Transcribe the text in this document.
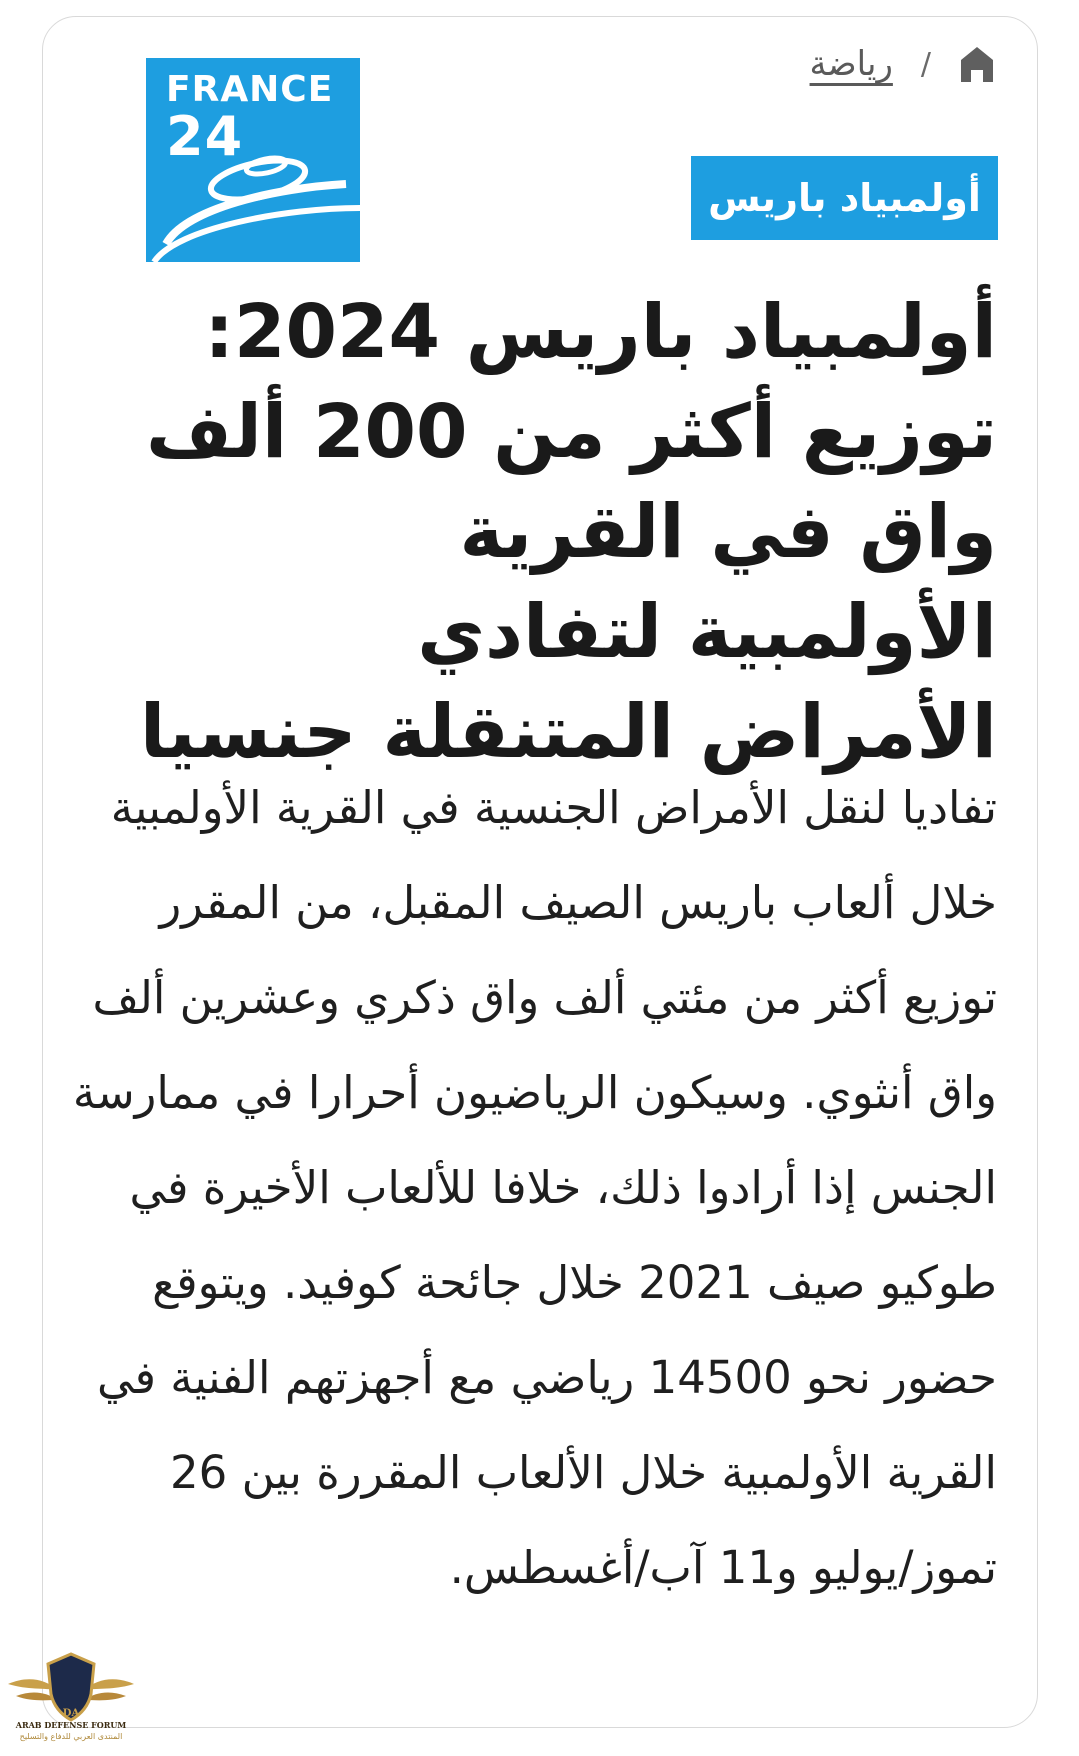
FRANCE
24
رياضة /
أولمبياد باريس
أولمبياد باريس 2024: توزيع أكثر من 200 ألف واق في القرية الأولمبية لتفادي الأمراض المتنقلة جنسيا

تفاديا لنقل الأمراض الجنسية في القرية الأولمبية خلال ألعاب باريس الصيف المقبل، من المقرر توزيع أكثر من مئتي ألف واق ذكري وعشرين ألف واق أنثوي. وسيكون الرياضيون أحرارا في ممارسة الجنس إذا أرادوا ذلك، خلافا للألعاب الأخيرة في طوكيو صيف 2021 خلال جائحة كوفيد. ويتوقع حضور نحو 14500 رياضي مع أجهزتهم الفنية في القرية الأولمبية خلال الألعاب المقررة بين 26 تموز/يوليو و11 آب/أغسطس.

DA
ARAB DEFENSE FORUM
المنتدى العربي للدفاع والتسليح
